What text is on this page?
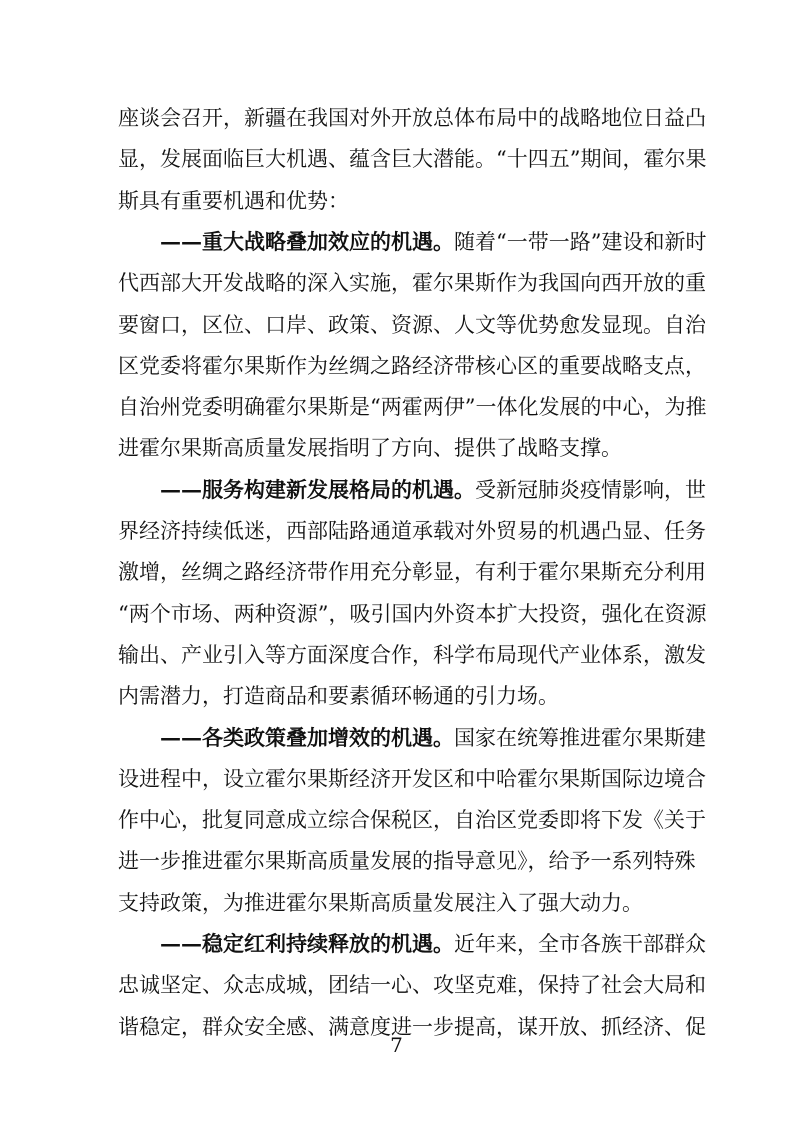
座谈会召开，新疆在我国对外开放总体布局中的战略地位日益凸
显，发展面临巨大机遇、蕴含巨大潜能。“十四五”期间，霍尔果
斯具有重要机遇和优势：
——重大战略叠加效应的机遇。随着“一带一路”建设和新时
代西部大开发战略的深入实施，霍尔果斯作为我国向西开放的重
要窗口，区位、口岸、政策、资源、人文等优势愈发显现。自治
区党委将霍尔果斯作为丝绸之路经济带核心区的重要战略支点，
自治州党委明确霍尔果斯是“两霍两伊”一体化发展的中心，为推
进霍尔果斯高质量发展指明了方向、提供了战略支撑。
——服务构建新发展格局的机遇。受新冠肺炎疫情影响，世
界经济持续低迷，西部陆路通道承载对外贸易的机遇凸显、任务
激增，丝绸之路经济带作用充分彰显，有利于霍尔果斯充分利用
“两个市场、两种资源”，吸引国内外资本扩大投资，强化在资源
输出、产业引入等方面深度合作，科学布局现代产业体系，激发
内需潜力，打造商品和要素循环畅通的引力场。
——各类政策叠加增效的机遇。国家在统筹推进霍尔果斯建
设进程中，设立霍尔果斯经济开发区和中哈霍尔果斯国际边境合
作中心，批复同意成立综合保税区，自治区党委即将下发《关于
进一步推进霍尔果斯高质量发展的指导意见》，给予一系列特殊
支持政策，为推进霍尔果斯高质量发展注入了强大动力。
——稳定红利持续释放的机遇。近年来，全市各族干部群众
忠诚坚定、众志成城，团结一心、攻坚克难，保持了社会大局和
谐稳定，群众安全感、满意度进一步提高，谋开放、抓经济、促
7
